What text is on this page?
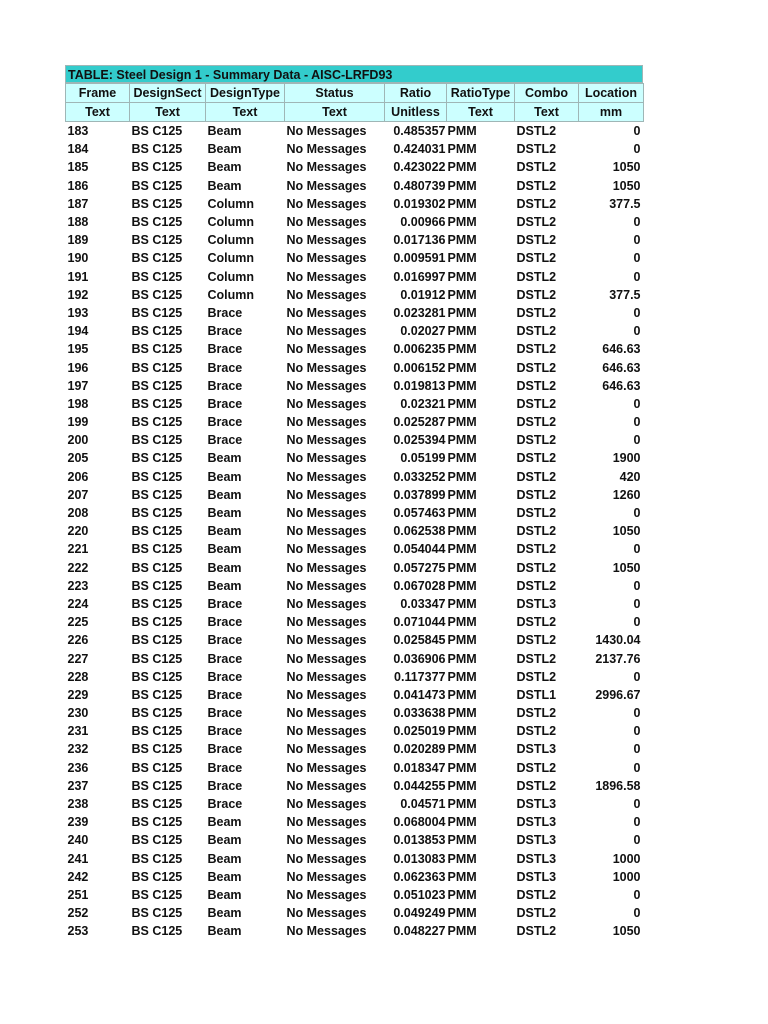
TABLE: Steel Design 1 - Summary Data - AISC-LRFD93
Frame	DesignSect	DesignType	Status	Ratio	RatioType	Combo	Location
Text	Text	Text	Text	Unitless	Text	Text	mm
183	BS C125	Beam	No Messages	0.485357	PMM	DSTL2	0
184	BS C125	Beam	No Messages	0.424031	PMM	DSTL2	0
185	BS C125	Beam	No Messages	0.423022	PMM	DSTL2	1050
186	BS C125	Beam	No Messages	0.480739	PMM	DSTL2	1050
187	BS C125	Column	No Messages	0.019302	PMM	DSTL2	377.5
188	BS C125	Column	No Messages	0.00966	PMM	DSTL2	0
189	BS C125	Column	No Messages	0.017136	PMM	DSTL2	0
190	BS C125	Column	No Messages	0.009591	PMM	DSTL2	0
191	BS C125	Column	No Messages	0.016997	PMM	DSTL2	0
192	BS C125	Column	No Messages	0.01912	PMM	DSTL2	377.5
193	BS C125	Brace	No Messages	0.023281	PMM	DSTL2	0
194	BS C125	Brace	No Messages	0.02027	PMM	DSTL2	0
195	BS C125	Brace	No Messages	0.006235	PMM	DSTL2	646.63
196	BS C125	Brace	No Messages	0.006152	PMM	DSTL2	646.63
197	BS C125	Brace	No Messages	0.019813	PMM	DSTL2	646.63
198	BS C125	Brace	No Messages	0.02321	PMM	DSTL2	0
199	BS C125	Brace	No Messages	0.025287	PMM	DSTL2	0
200	BS C125	Brace	No Messages	0.025394	PMM	DSTL2	0
205	BS C125	Beam	No Messages	0.05199	PMM	DSTL2	1900
206	BS C125	Beam	No Messages	0.033252	PMM	DSTL2	420
207	BS C125	Beam	No Messages	0.037899	PMM	DSTL2	1260
208	BS C125	Beam	No Messages	0.057463	PMM	DSTL2	0
220	BS C125	Beam	No Messages	0.062538	PMM	DSTL2	1050
221	BS C125	Beam	No Messages	0.054044	PMM	DSTL2	0
222	BS C125	Beam	No Messages	0.057275	PMM	DSTL2	1050
223	BS C125	Beam	No Messages	0.067028	PMM	DSTL2	0
224	BS C125	Brace	No Messages	0.03347	PMM	DSTL3	0
225	BS C125	Brace	No Messages	0.071044	PMM	DSTL2	0
226	BS C125	Brace	No Messages	0.025845	PMM	DSTL2	1430.04
227	BS C125	Brace	No Messages	0.036906	PMM	DSTL2	2137.76
228	BS C125	Brace	No Messages	0.117377	PMM	DSTL2	0
229	BS C125	Brace	No Messages	0.041473	PMM	DSTL1	2996.67
230	BS C125	Brace	No Messages	0.033638	PMM	DSTL2	0
231	BS C125	Brace	No Messages	0.025019	PMM	DSTL2	0
232	BS C125	Brace	No Messages	0.020289	PMM	DSTL3	0
236	BS C125	Brace	No Messages	0.018347	PMM	DSTL2	0
237	BS C125	Brace	No Messages	0.044255	PMM	DSTL2	1896.58
238	BS C125	Brace	No Messages	0.04571	PMM	DSTL3	0
239	BS C125	Beam	No Messages	0.068004	PMM	DSTL3	0
240	BS C125	Beam	No Messages	0.013853	PMM	DSTL3	0
241	BS C125	Beam	No Messages	0.013083	PMM	DSTL3	1000
242	BS C125	Beam	No Messages	0.062363	PMM	DSTL3	1000
251	BS C125	Beam	No Messages	0.051023	PMM	DSTL2	0
252	BS C125	Beam	No Messages	0.049249	PMM	DSTL2	0
253	BS C125	Beam	No Messages	0.048227	PMM	DSTL2	1050
